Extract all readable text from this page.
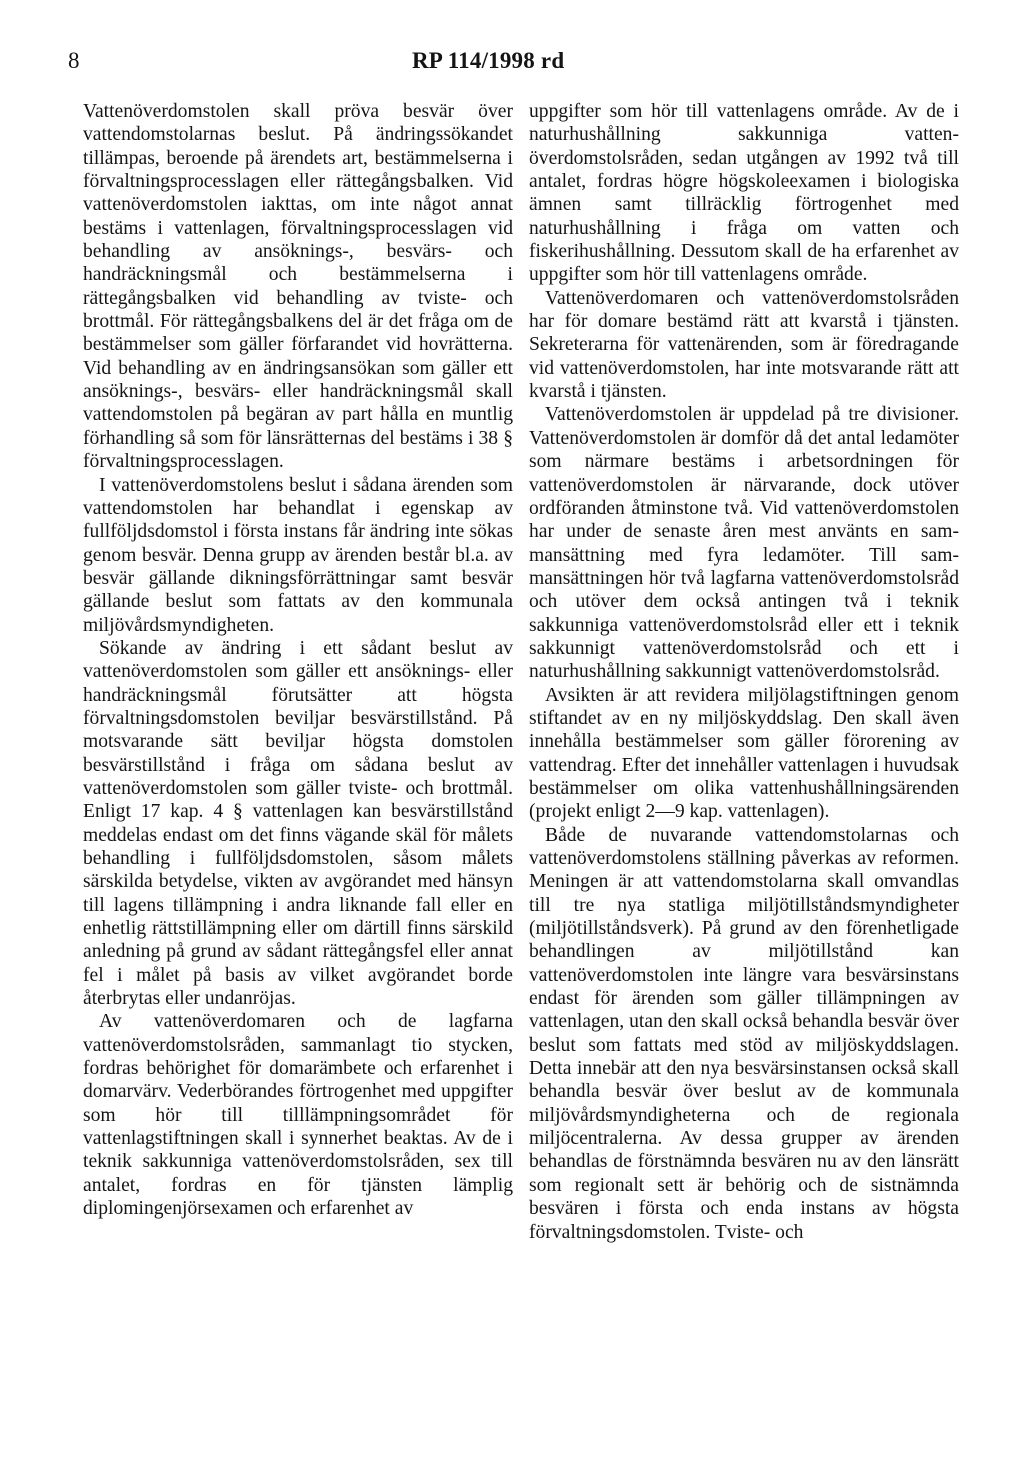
8	RP 114/1998 rd

Vattenöverdomstolen skall pröva besvär över vattendomstolarnas beslut. På ändringssökandet tillämpas, beroende på ärendets art, bestämmelserna i förvaltningsprocesslagen eller rättegångsbalken. Vid vattenöverdomstolen iakttas, om inte något annat bestäms i vattenlagen, förvaltningsprocesslagen vid behandling av ansöknings-, besvärs- och handräckningsmål och bestämmelserna i rättegångsbalken vid behandling av tviste- och brottmål. För rättegångsbalkens del är det fråga om de bestämmelser som gäller förfarandet vid hovrätterna. Vid behandling av en ändringsansökan som gäller ett ansöknings-, besvärs- eller handräckningsmål skall vattendomstolen på begäran av part hålla en muntlig förhandling så som för länsrätternas del bestäms i 38 § förvaltningsprocesslagen.

I vattenöverdomstolens beslut i sådana ärenden som vattendomstolen har behandlat i egenskap av fullföljdsdomstol i första instans får ändring inte sökas genom besvär. Denna grupp av ärenden består bl.a. av besvär gällande dikningsförrättningar samt besvär gällande beslut som fattats av den kommunala miljövårdsmyndigheten.

Sökande av ändring i ett sådant beslut av vattenöverdomstolen som gäller ett ansöknings- eller handräckningsmål förutsätter att högsta förvaltningsdomstolen beviljar besvärstillstånd. På motsvarande sätt beviljar högsta domstolen besvärstillstånd i fråga om sådana beslut av vattenöverdomstolen som gäller tviste- och brottmål. Enligt 17 kap. 4 § vattenlagen kan besvärstillstånd meddelas endast om det finns vägande skäl för målets behandling i fullföljdsdomstolen, såsom målets särskilda betydelse, vikten av avgörandet med hänsyn till lagens tillämpning i andra liknande fall eller en enhetlig rättstillämpning eller om därtill finns särskild anledning på grund av sådant rättegångsfel eller annat fel i målet på basis av vilket avgörandet borde återbrytas eller undanröjas.

Av vattenöverdomaren och de lagfarna vattenöverdomstolsråden, sammanlagt tio stycken, fordras behörighet för domarämbete och erfarenhet i domarvärv. Vederbörandes förtrogenhet med uppgifter som hör till tilllämpningsområdet för vattenlagstiftningen skall i synnerhet beaktas. Av de i teknik sakkunniga vattenöverdomstolsråden, sex till antalet, fordras en för tjänsten lämplig diplomingenjörsexamen och erfarenhet av

uppgifter som hör till vattenlagens område. Av de i naturhushållning sakkunniga vattenöverdomstolsråden, sedan utgången av 1992 två till antalet, fordras högre högskoleexamen i biologiska ämnen samt tillräcklig förtrogenhet med naturhushållning i fråga om vatten och fiskerihushållning. Dessutom skall de ha erfarenhet av uppgifter som hör till vattenlagens område.

Vattenöverdomaren och vattenöverdomstolsråden har för domare bestämd rätt att kvarstå i tjänsten. Sekreterarna för vattenärenden, som är föredragande vid vattenöverdomstolen, har inte motsvarande rätt att kvarstå i tjänsten.

Vattenöverdomstolen är uppdelad på tre divisioner. Vattenöverdomstolen är domför då det antal ledamöter som närmare bestäms i arbetsordningen för vattenöverdomstolen är närvarande, dock utöver ordföranden åtminstone två. Vid vattenöverdomstolen har under de senaste åren mest använts en sammansättning med fyra ledamöter. Till sammansättningen hör två lagfarna vattenöverdomstolsråd och utöver dem också antingen två i teknik sakkunniga vattenöverdomstolsråd eller ett i teknik sakkunnigt vattenöverdomstolsråd och ett i naturhushållning sakkunnigt vattenöverdomstolsråd.

Avsikten är att revidera miljölagstiftningen genom stiftandet av en ny miljöskyddslag. Den skall även innehålla bestämmelser som gäller förorening av vattendrag. Efter det innehåller vattenlagen i huvudsak bestämmelser om olika vattenhushållningsärenden (projekt enligt 2—9 kap. vattenlagen).

Både de nuvarande vattendomstolarnas och vattenöverdomstolens ställning påverkas av reformen. Meningen är att vattendomstolarna skall omvandlas till tre nya statliga miljötillståndsmyndigheter (miljötillståndsverk). På grund av den förenhetligade behandlingen av miljötillstånd kan vattenöverdomstolen inte längre vara besvärsinstans endast för ärenden som gäller tillämpningen av vattenlagen, utan den skall också behandla besvär över beslut som fattats med stöd av miljöskyddslagen. Detta innebär att den nya besvärsinstansen också skall behandla besvär över beslut av de kommunala miljövårdsmyndigheterna och de regionala miljöcentralerna. Av dessa grupper av ärenden behandlas de förstnämnda besvären nu av den länsrätt som regionalt sett är behörig och de sistnämnda besvären i första och enda instans av högsta förvaltningsdomstolen. Tviste- och
